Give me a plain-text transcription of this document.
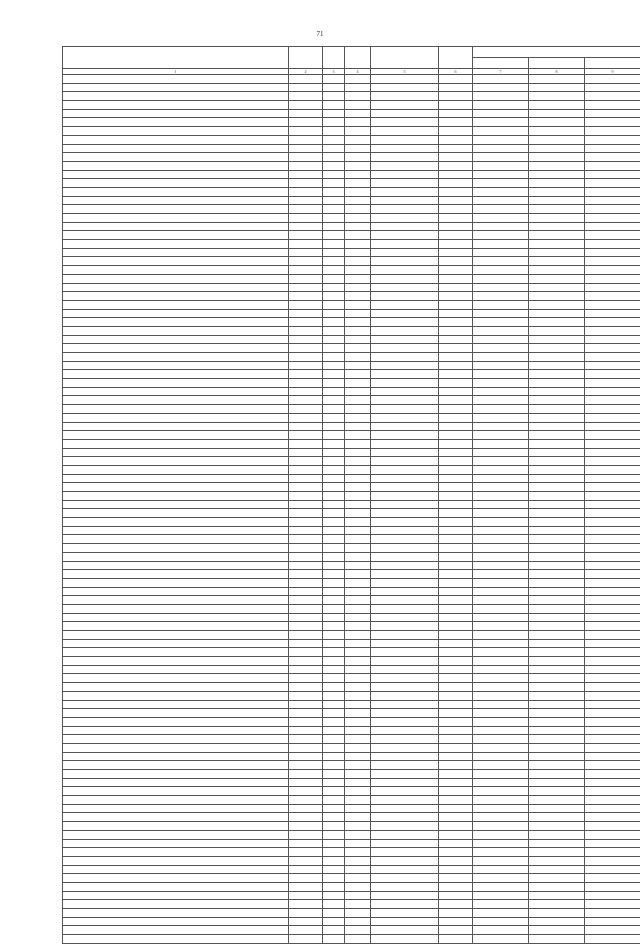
71

1	2	3	4	5	6	7	8	9
